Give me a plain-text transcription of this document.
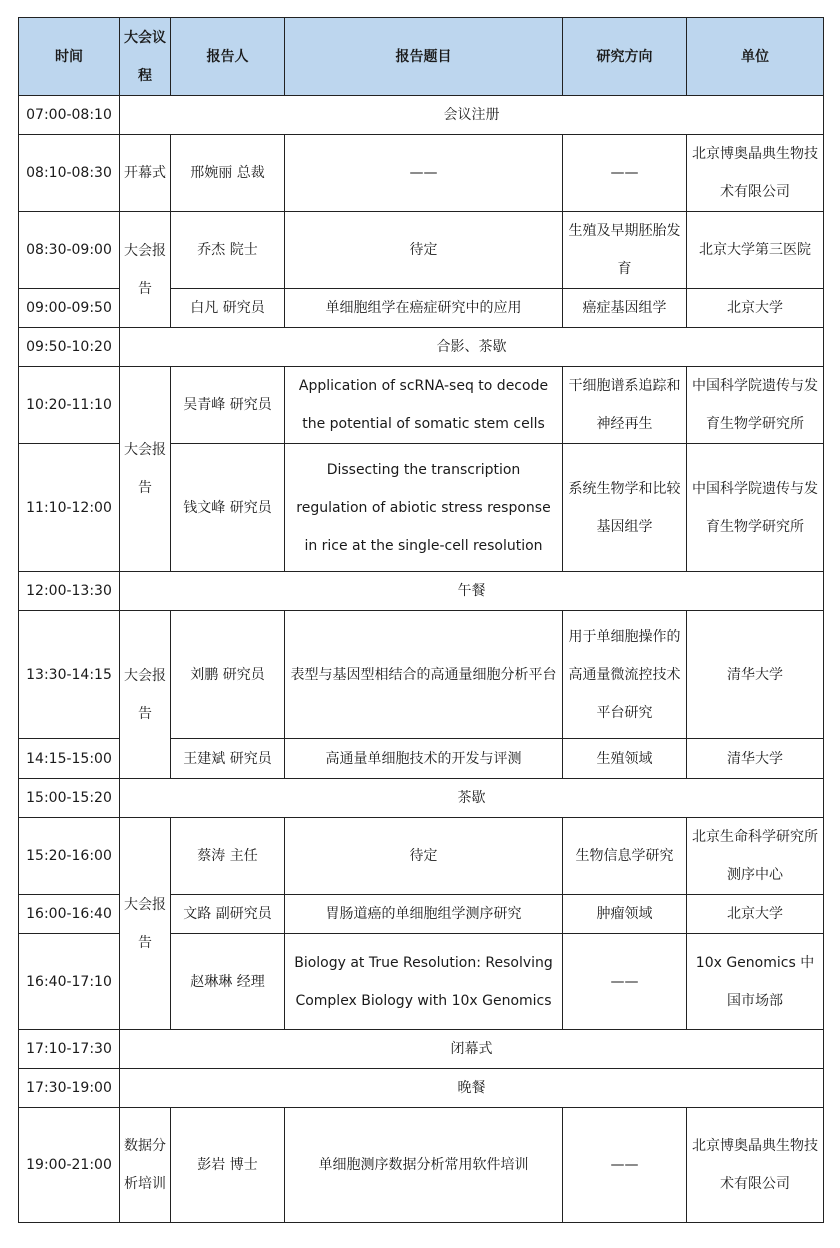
时间	大会议程	报告人	报告题目	研究方向	单位
07:00-08:10	会议注册				
08:10-08:30	开幕式	邢婉丽 总裁	——	——	北京博奥晶典生物技术有限公司
08:30-09:00	大会报告	乔杰 院士	待定	生殖及早期胚胎发育	北京大学第三医院
09:00-09:50		白凡 研究员	单细胞组学在癌症研究中的应用	癌症基因组学	北京大学
09:50-10:20	合影、茶歇				
10:20-11:10	大会报告	吴青峰 研究员	Application of scRNA-seq to decode the potential of somatic stem cells	干细胞谱系追踪和神经再生	中国科学院遗传与发育生物学研究所
11:10-12:00		钱文峰 研究员	Dissecting the transcription regulation of abiotic stress response in rice at the single-cell resolution	系统生物学和比较基因组学	中国科学院遗传与发育生物学研究所
12:00-13:30	午餐				
13:30-14:15	大会报告	刘鹏 研究员	表型与基因型相结合的高通量细胞分析平台	用于单细胞操作的高通量微流控技术平台研究	清华大学
14:15-15:00		王建斌 研究员	高通量单细胞技术的开发与评测	生殖领域	清华大学
15:00-15:20	茶歇				
15:20-16:00	大会报告	蔡涛 主任	待定	生物信息学研究	北京生命科学研究所测序中心
16:00-16:40		文路 副研究员	胃肠道癌的单细胞组学测序研究	肿瘤领域	北京大学
16:40-17:10		赵琳琳 经理	Biology at True Resolution: Resolving Complex Biology with 10x Genomics	——	10x Genomics 中国市场部
17:10-17:30	闭幕式				
17:30-19:00	晚餐				
19:00-21:00	数据分析培训	彭岩 博士	单细胞测序数据分析常用软件培训	——	北京博奥晶典生物技术有限公司
